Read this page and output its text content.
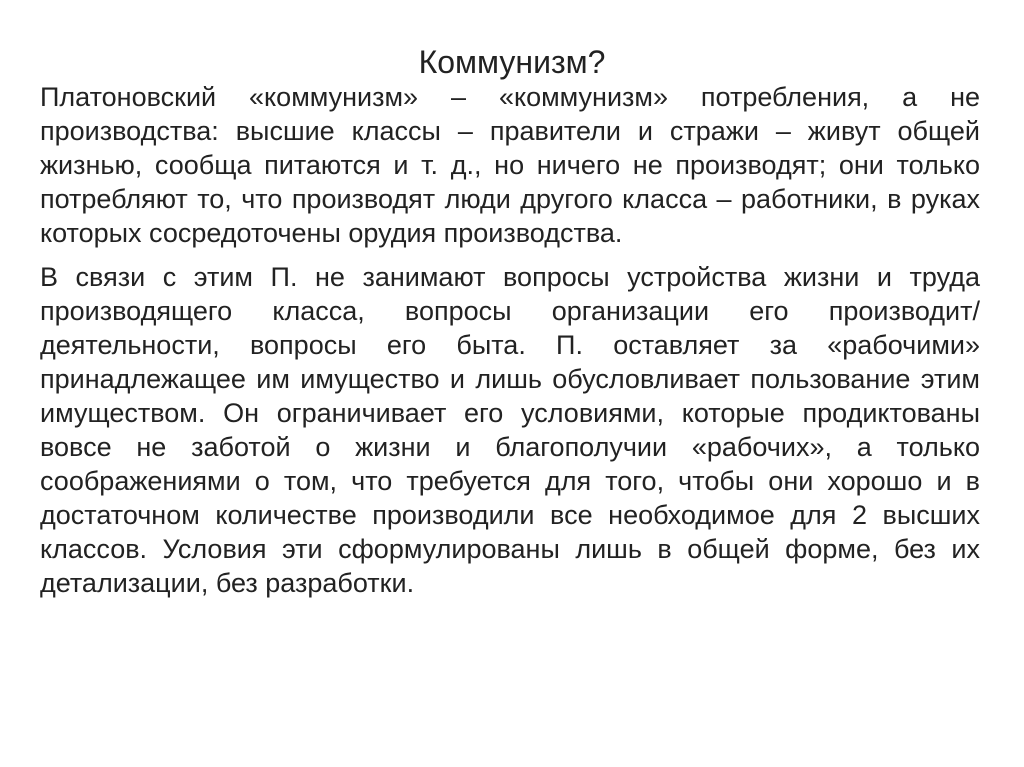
Коммунизм?

Платоновский «коммунизм» – «коммунизм» потребления, а не производства: высшие классы – правители и стражи – живут общей жизнью, сообща питаются и т. д., но ничего не производят; они только потребляют то, что производят люди другого класса – работники, в руках которых сосредоточены орудия производства.

В связи с этим П. не занимают вопросы устройства жизни и труда производящего класса, вопросы организации его производит/деятельности, вопросы его быта. П. оставляет за «рабочими» принадлежащее им имущество и лишь обусловливает пользование этим имуществом. Он ограничивает его условиями, которые продиктованы вовсе не заботой о жизни и благополучии «рабочих», а только соображениями о том, что требуется для того, чтобы они хорошо и в достаточном количестве производили все необходимое для 2 высших классов. Условия эти сформулированы лишь в общей форме, без их детализации, без разработки.
